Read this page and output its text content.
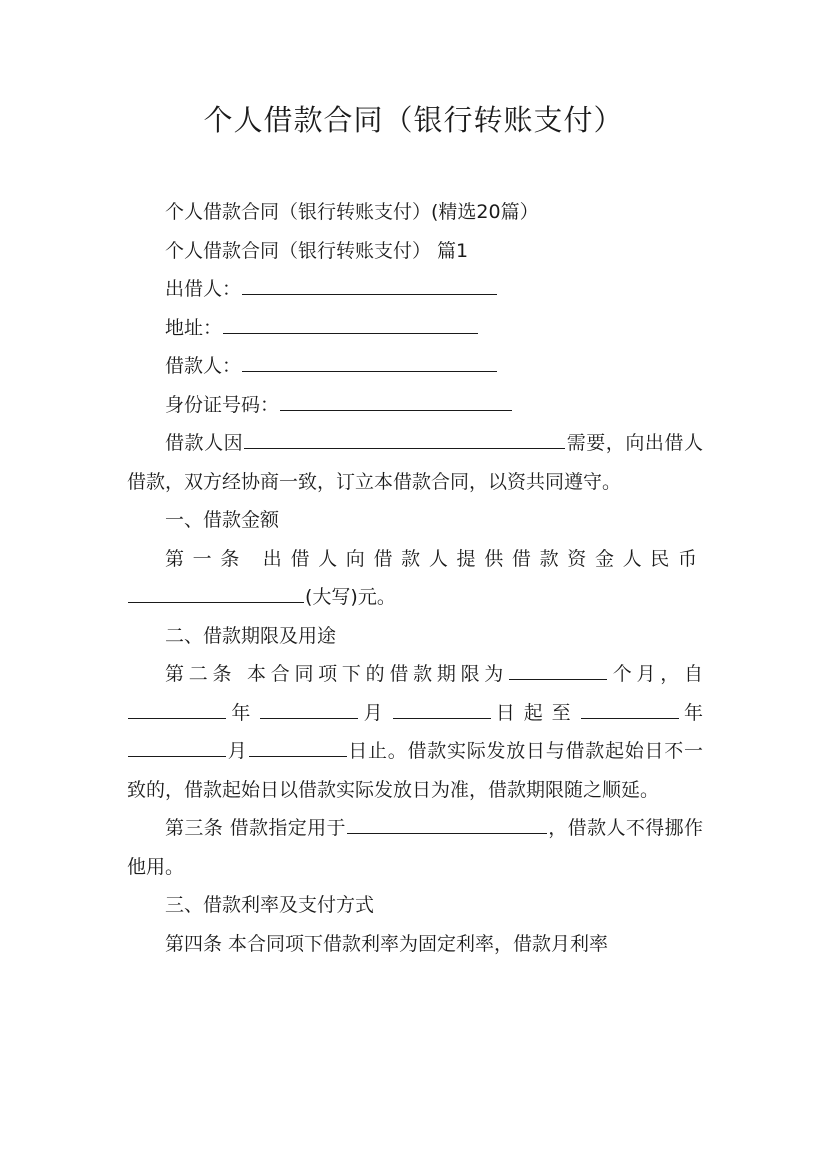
个人借款合同（银行转账支付）

个人借款合同（银行转账支付）(精选20篇）

个人借款合同（银行转账支付） 篇1

出借人：

地址：

借款人：

身份证号码：

借款人因	需要，向出借人借款，双方经协商一致，订立本借款合同，以资共同遵守。

一、借款金额

第一条 出借人向借款人提供借款资金人民币(大写)元。

二、借款期限及用途

第二条 本合同项下的借款期限为	个月，自年	月	日起至	年月	日止。借款实际发放日与借款起始日不一致的，借款起始日以借款实际发放日为准，借款期限随之顺延。

第三条 借款指定用于	，借款人不得挪作他用。

三、借款利率及支付方式

第四条 本合同项下借款利率为固定利率，借款月利率
